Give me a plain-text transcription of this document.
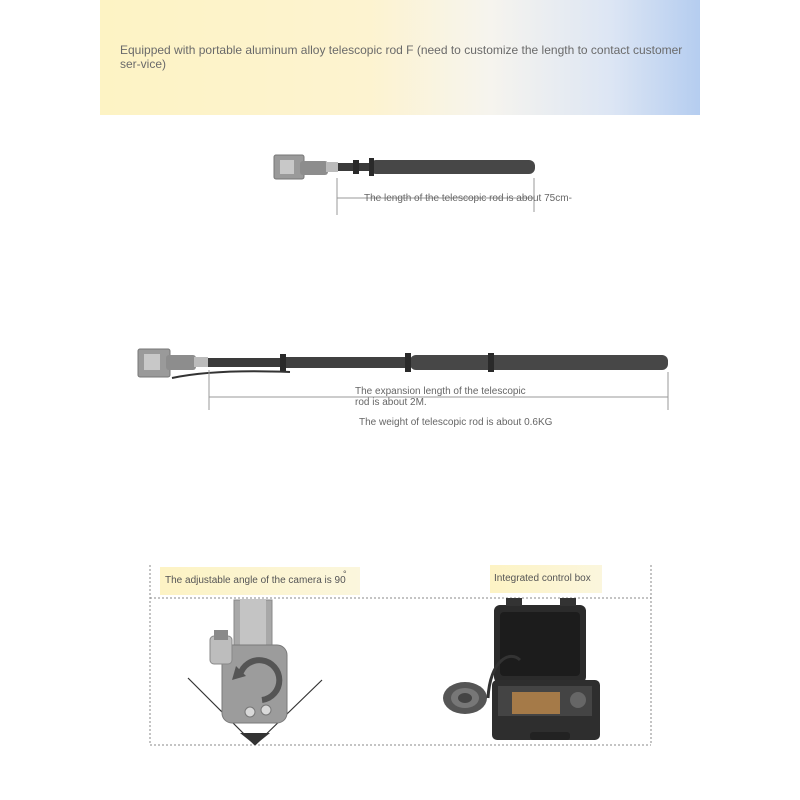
Equipped with portable aluminum alloy telescopic rod F (need to customize the length to contact customer ser-vice)
The length of the telescopic rod is about 75cm-
The expansion length of the telescopic
rod is about 2M.
The weight of telescopic rod is about 0.6KG
The adjustable angle of the camera is 90
°	Integrated control box
